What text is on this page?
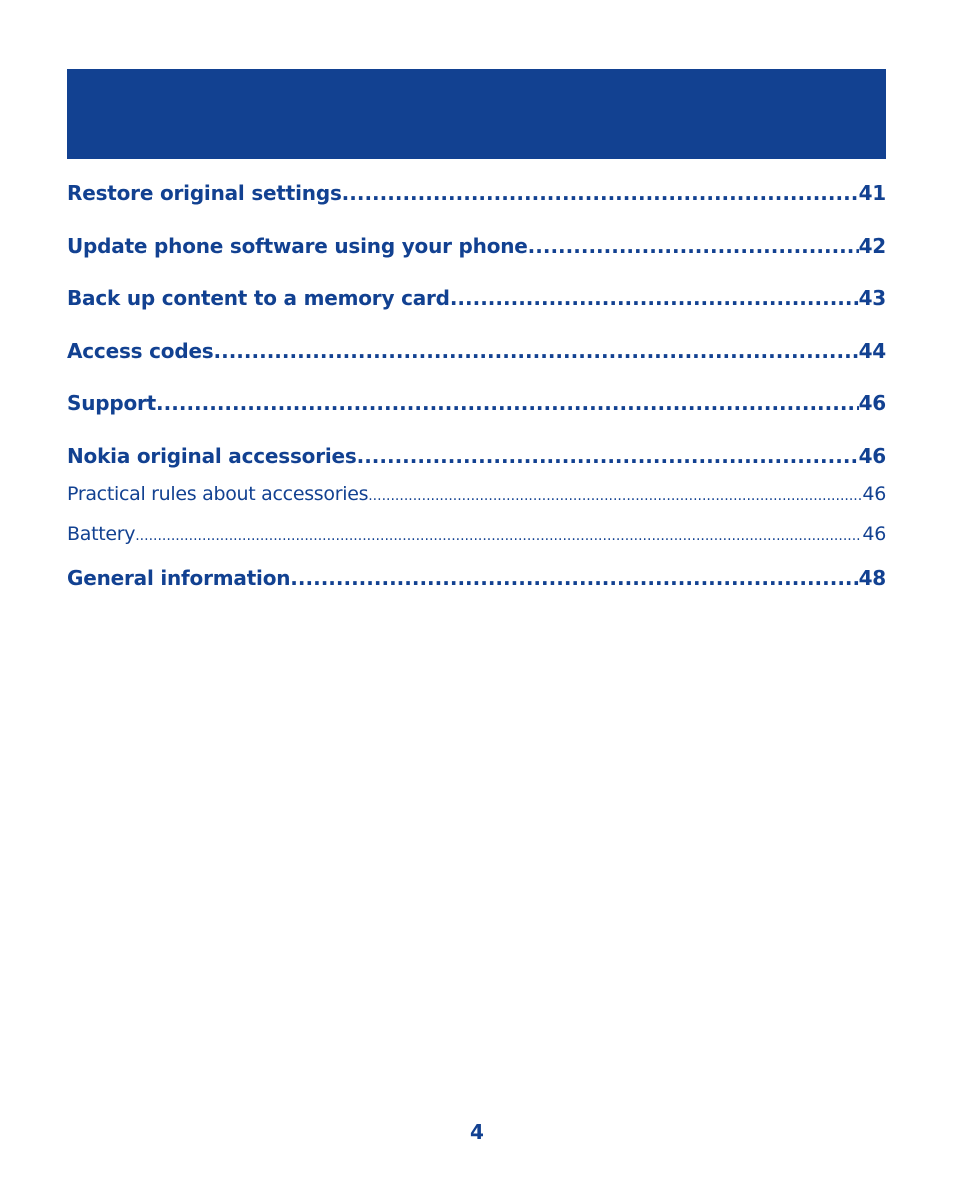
Restore original settings .....	41
Update phone software using your phone .....	42
Back up content to a memory card .....	43
Access codes .....	44
Support .....	46
Nokia original accessories .....	46
Practical rules about accessories .....	46
Battery .....	46
General information .....	48
4
